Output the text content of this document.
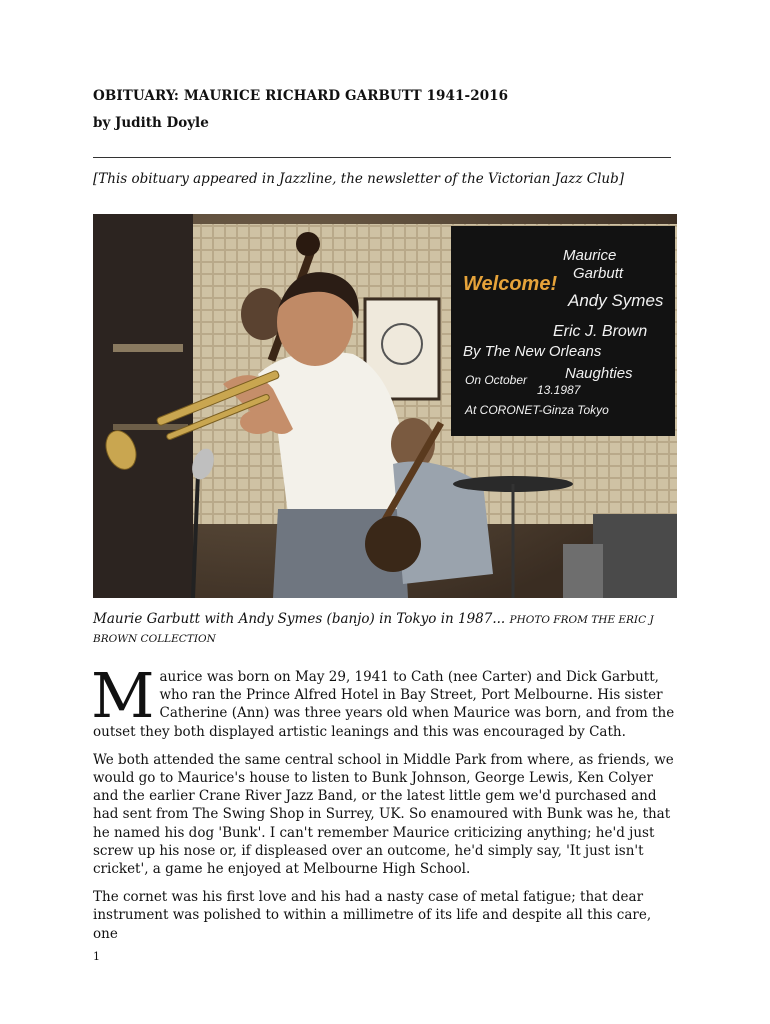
OBITUARY: MAURICE RICHARD GARBUTT 1941-2016

by Judith Doyle

[This obituary appeared in Jazzline, the newsletter of the Victorian Jazz Club]

Welcome!
Maurice
Garbutt
Andy Symes
Eric J. Brown
By The New Orleans
Naughties
On October
13.1987
At CORONET-Ginza Tokyo

Maurie Garbutt with Andy Symes (banjo) in Tokyo in 1987... PHOTO FROM THE ERIC J BROWN COLLECTION

Maurice was born on May 29, 1941 to Cath (nee Carter) and Dick Garbutt, who ran the Prince Alfred Hotel in Bay Street, Port Melbourne. His sister Catherine (Ann) was three years old when Maurice was born, and from the outset they both displayed artistic leanings and this was encouraged by Cath.

We both attended the same central school in Middle Park from where, as friends, we would go to Maurice's house to listen to Bunk Johnson, George Lewis, Ken Colyer and the earlier Crane River Jazz Band, or the latest little gem we'd purchased and had sent from The Swing Shop in Surrey, UK. So enamoured with Bunk was he, that he named his dog 'Bunk'. I can't remember Maurice criticizing anything; he'd just screw up his nose or, if displeased over an outcome, he'd simply say, 'It just isn't cricket', a game he enjoyed at Melbourne High School.

The cornet was his first love and his had a nasty case of metal fatigue; that dear instrument was polished to within a millimetre of its life and despite all this care, one

1
